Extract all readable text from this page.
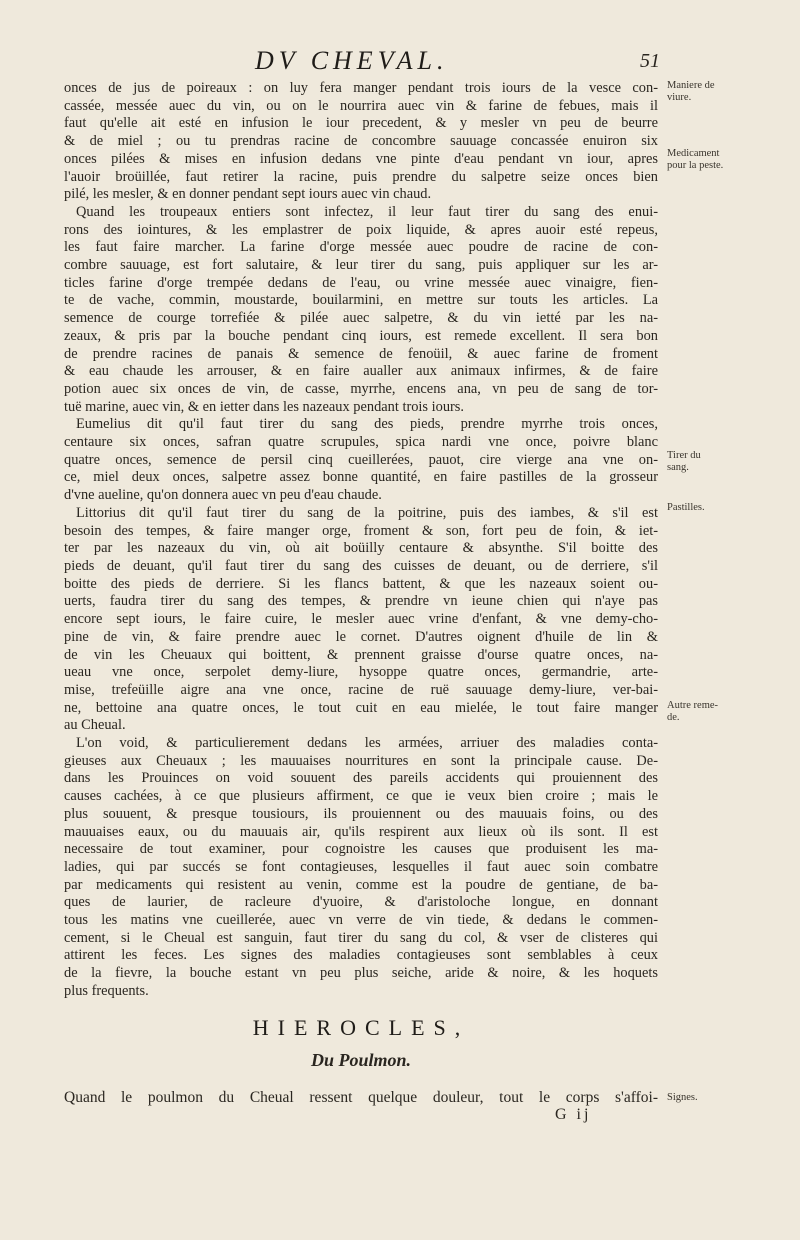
DV CHEVAL.	51
onces de jus de poireaux : on luy fera manger pendant trois iours de la vesce con-
cassée, messée auec du vin, ou on le nourrira auec vin & farine de febues, mais il
faut qu'elle ait esté en infusion le iour precedent, & y mesler vn peu de beurre
& de miel ; ou tu prendras racine de concombre sauuage concassée enuiron six
onces pilées & mises en infusion dedans vne pinte d'eau pendant vn iour, apres
l'auoir broüillée, faut retirer la racine, puis prendre du salpetre seize onces bien
pilé, les mesler, & en donner pendant sept iours auec vin chaud.
Quand les troupeaux entiers sont infectez, il leur faut tirer du sang des enui-
rons des iointures, & les emplastrer de poix liquide, & apres auoir esté repeus,
les faut faire marcher. La farine d'orge messée auec poudre de racine de con-
combre sauuage, est fort salutaire, & leur tirer du sang, puis appliquer sur les ar-
ticles farine d'orge trempée dedans de l'eau, ou vrine messée auec vinaigre, fien-
te de vache, commin, moustarde, bouilarmini, en mettre sur touts les articles. La
semence de courge torrefiée & pilée auec salpetre, & du vin ietté par les na-
zeaux, & pris par la bouche pendant cinq iours, est remede excellent. Il sera bon
de prendre racines de panais & semence de fenoüil, & auec farine de froment
& eau chaude les arrouser, & en faire aualler aux animaux infirmes, & de faire
potion auec six onces de vin, de casse, myrrhe, encens ana, vn peu de sang de tor-
tuë marine, auec vin, & en ietter dans les nazeaux pendant trois iours.
Eumelius dit qu'il faut tirer du sang des pieds, prendre myrrhe trois onces,
centaure six onces, safran quatre scrupules, spica nardi vne once, poivre blanc
quatre onces, semence de persil cinq cueillerées, pauot, cire vierge ana vne on-
ce, miel deux onces, salpetre assez bonne quantité, en faire pastilles de la grosseur
d'vne aueline, qu'on donnera auec vn peu d'eau chaude.
Littorius dit qu'il faut tirer du sang de la poitrine, puis des iambes, & s'il est
besoin des tempes, & faire manger orge, froment & son, fort peu de foin, & iet-
ter par les nazeaux du vin, où ait boüilly centaure & absynthe. S'il boitte des
pieds de deuant, qu'il faut tirer du sang des cuisses de deuant, ou de derriere, s'il
boitte des pieds de derriere. Si les flancs battent, & que les nazeaux soient ou-
uerts, faudra tirer du sang des tempes, & prendre vn ieune chien qui n'aye pas
encore sept iours, le faire cuire, le mesler auec vrine d'enfant, & vne demy-cho-
pine de vin, & faire prendre auec le cornet. D'autres oignent d'huile de lin &
de vin les Cheuaux qui boittent, & prennent graisse d'ourse quatre onces, na-
ueau vne once, serpolet demy-liure, hysoppe quatre onces, germandrie, arte-
mise, trefeüille aigre ana vne once, racine de ruë sauuage demy-liure, ver-bai-
ne, bettoine ana quatre onces, le tout cuit en eau mielée, le tout faire manger
au Cheual.
L'on void, & particulierement dedans les armées, arriuer des maladies conta-
gieuses aux Cheuaux ; les mauuaises nourritures en sont la principale cause. De-
dans les Prouinces on void souuent des pareils accidents qui prouiennent des
causes cachées, à ce que plusieurs affirment, ce que ie veux bien croire ; mais le
plus souuent, & presque tousiours, ils prouiennent ou des mauuais foins, ou des
mauuaises eaux, ou du mauuais air, qu'ils respirent aux lieux où ils sont. Il est
necessaire de tout examiner, pour cognoistre les causes que produisent les ma-
ladies, qui par succés se font contagieuses, lesquelles il faut auec soin combatre
par medicaments qui resistent au venin, comme est la poudre de gentiane, de ba-
ques de laurier, de racleure d'yuoire, & d'aristoloche longue, en donnant
tous les matins vne cueillerée, auec vn verre de vin tiede, & dedans le commen-
cement, si le Cheual est sanguin, faut tirer du sang du col, & vser de clisteres qui
attirent les feces. Les signes des maladies contagieuses sont semblables à ceux
de la fievre, la bouche estant vn peu plus seiche, aride & noire, & les hoquets
plus frequents.
HIEROCLES,
Du Poulmon.
Quand le poulmon du Cheual ressent quelque douleur, tout le corps s'affoi-
G ij
Maniere de
viure.
Medicament
pour la peste.
Tirer du
sang.
Pastilles.
Autre reme-
de.
Signes.
